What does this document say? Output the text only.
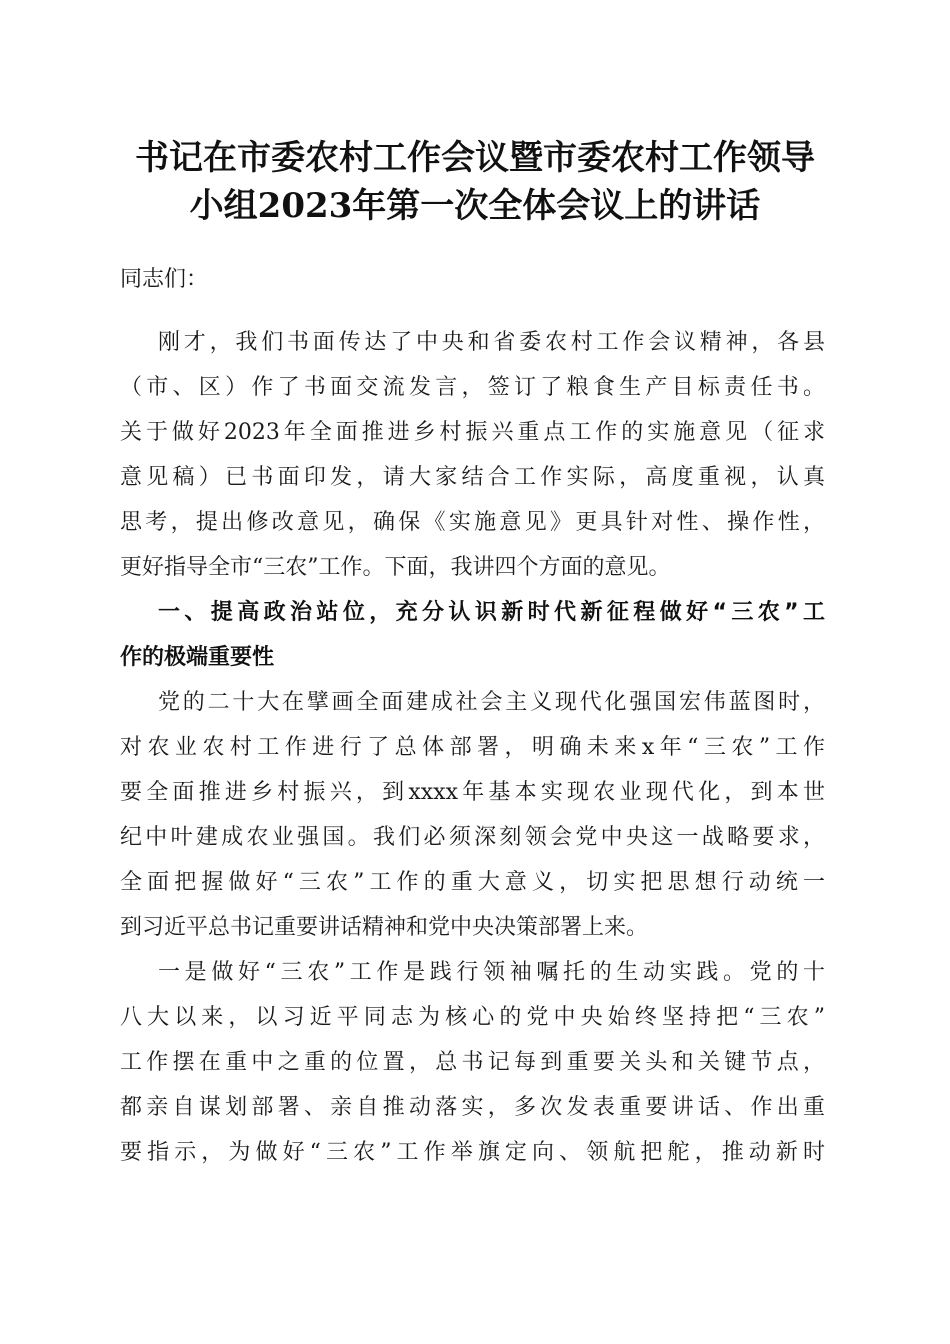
书记在市委农村工作会议暨市委农村工作领导
小组2023年第一次全体会议上的讲话
同志们：
刚才，我们书面传达了中央和省委农村工作会议精神，各县
（市、区）作了书面交流发言，签订了粮食生产目标责任书。
关于做好2023年全面推进乡村振兴重点工作的实施意见（征求
意见稿）已书面印发，请大家结合工作实际，高度重视，认真
思考，提出修改意见，确保《实施意见》更具针对性、操作性，
更好指导全市“三农”工作。下面，我讲四个方面的意见。
一、提高政治站位，充分认识新时代新征程做好“三农”工
作的极端重要性
党的二十大在擘画全面建成社会主义现代化强国宏伟蓝图时，
对农业农村工作进行了总体部署，明确未来x年“三农”工作
要全面推进乡村振兴，到xxxx年基本实现农业现代化，到本世
纪中叶建成农业强国。我们必须深刻领会党中央这一战略要求，
全面把握做好“三农”工作的重大意义，切实把思想行动统一
到习近平总书记重要讲话精神和党中央决策部署上来。
一是做好“三农”工作是践行领袖嘱托的生动实践。党的十
八大以来，以习近平同志为核心的党中央始终坚持把“三农”
工作摆在重中之重的位置，总书记每到重要关头和关键节点，
都亲自谋划部署、亲自推动落实，多次发表重要讲话、作出重
要指示，为做好“三农”工作举旗定向、领航把舵，推动新时
